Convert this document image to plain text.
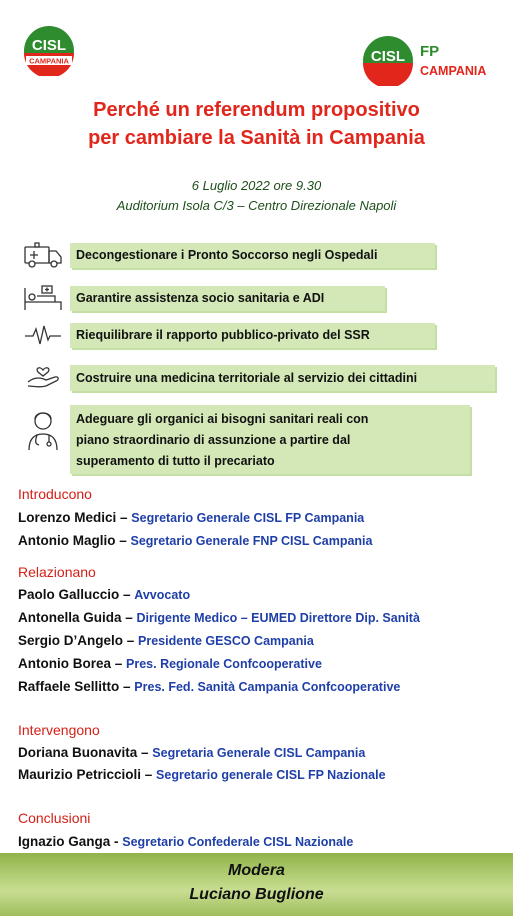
CISL
CAMPANIA	CISL FP
CAMPANIA
Perché un referendum propositivo
per cambiare la Sanità in Campania
6 Luglio 2022 ore 9.30
Auditorium Isola C/3 – Centro Direzionale Napoli
Decongestionare i Pronto Soccorso negli Ospedali
Garantire assistenza socio sanitaria e ADI
Riequilibrare il rapporto pubblico-privato del SSR
Costruire una medicina territoriale al servizio dei cittadini
Adeguare gli organici ai bisogni sanitari reali con
piano straordinario di assunzione a partire dal
superamento di tutto il precariato
Introducono
Lorenzo Medici – Segretario Generale CISL FP Campania
Antonio Maglio – Segretario Generale FNP CISL Campania
Relazionano
Paolo Galluccio – Avvocato
Antonella Guida – Dirigente Medico – EUMED Direttore Dip. Sanità
Sergio D’Angelo – Presidente GESCO Campania
Antonio Borea – Pres. Regionale Confcooperative
Raffaele Sellitto – Pres. Fed. Sanità Campania Confcooperative
Intervengono
Doriana Buonavita – Segretaria Generale CISL Campania
Maurizio Petriccioli – Segretario generale CISL FP Nazionale
Conclusioni
Ignazio Ganga - Segretario Confederale CISL Nazionale
Modera
Luciano Buglione
